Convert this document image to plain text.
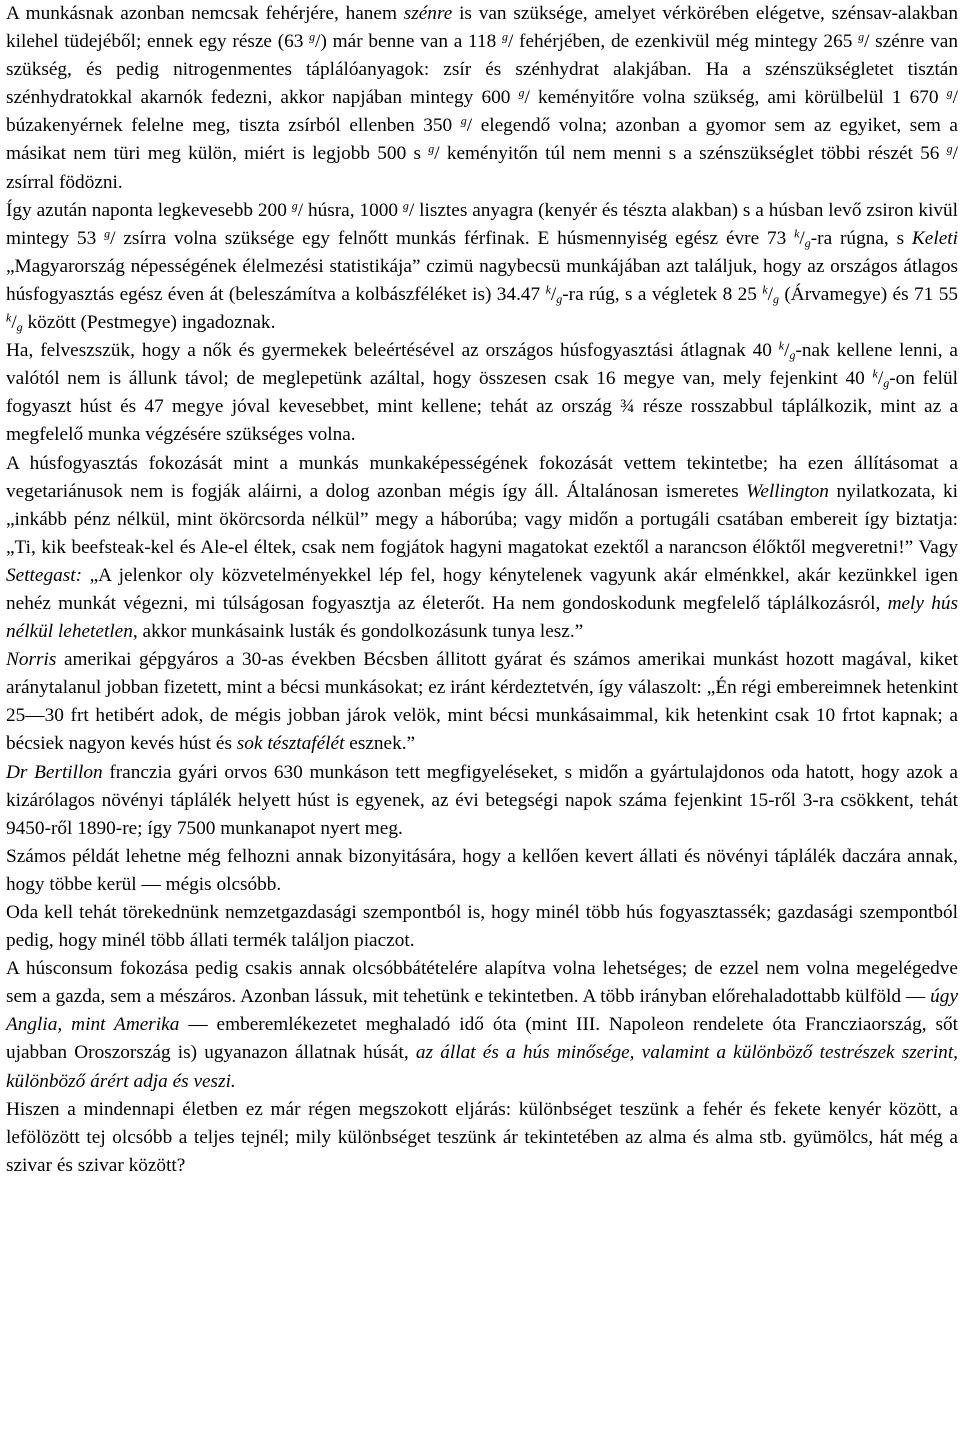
A munkásnak azonban nemcsak fehérjére, hanem szénre is van szüksége, amelyet vérkörében elégetve, szénsav-alakban kilehel tüdejéből; ennek egy része (63 $^g$/) már benne van a 118 $^g$/ fehérjében, de ezenkivül még mintegy 265 $^g$/ szénre van szükség, és pedig nitrogenmentes táplálóanyagok: zsír és szénhydrat alakjában. Ha a szénszükségletet tisztán szénhydratokkal akarnók fedezni, akkor napjában mintegy 600 $^g$/ keményitőre volna szükség, ami körülbelül 1 670 $^g$/ búzakenyérnek felelne meg, tiszta zsírból ellenben 350 $^g$/ elegendő volna; azonban a gyomor sem az egyiket, sem a másikat nem türi meg külön, miért is legjobb 500 s $^g$/ keményitőn túl nem menni s a szénszükséglet többi részét 56 $^g$/ zsírral födözni.

Így azután naponta legkevesebb 200 $^g$/ húsra, 1000 $^g$/ lisztes anyagra (kenyér és tészta alakban) s a húsban levő zsiron kivül mintegy 53 $^g$/ zsírra volna szüksége egy felnőtt munkás férfinak. E húsmennyiség egész évre 73 $^k/_g-ra$ rúgna, s Keleti „Magyarország népességének élelmezési statistikája” czimü nagybecsü munkájában azt találjuk, hogy az országos átlagos húsfogyasztás egész éven át (beleszámítva a kolbászféléket is) 34.47 $^k/_g-ra$ rúg, s a végletek 8 25 $^k/_g$ (Árvamegye) és 71 55 $^k/_g$ között (Pestmegye) ingadoznak.

Ha, felveszszük, hogy a nők és gyermekek beleértésével az országos húsfogyasztási átlagnak 40 $^k/_g$-nak kellene lenni, a valótól nem is állunk távol; de meglepetünk azáltal, hogy összesen csak 16 megye van, mely fejenkint 40 $^k/_g-on$ felül fogyaszt húst és 47 megye jóval kevesebbet, mint kellene; tehát az ország ¾ része rosszabbul táplálkozik, mint az a megfelelő munka végzésére szükséges volna.

A húsfogyasztás fokozását mint a munkás munkaképességének fokozását vettem tekintetbe; ha ezen állításomat a vegetariánusok nem is fogják aláirni, a dolog azonban mégis így áll. Általánosan ismeretes Wellington nyilatkozata, ki „inkább pénz nélkül, mint ökörcsorda nélkül” megy a háborúba; vagy midőn a portugáli csatában embereit így biztatja: „Ti, kik beefsteak-kel és Ale-el éltek, csak nem fogjátok hagyni magatokat ezektől a narancson élőktől megveretni!” Vagy Settegast: „A jelenkor oly közvetelményekkel lép fel, hogy kénytelenek vagyunk akár elménkkel, akár kezünkkel igen nehéz munkát végezni, mi túlságosan fogyasztja az életerőt. Ha nem gondoskodunk megfelelő táplálkozásról, mely hús nélkül lehetetlen, akkor munkásaink lusták és gondolkozásunk tunya lesz.”

Norris amerikai gépgyáros a 30-as években Bécsben állitott gyárat és számos amerikai munkást hozott magával, kiket aránytalanul jobban fizetett, mint a bécsi munkásokat; ez iránt kérdeztetvén, így válaszolt: „Én régi embereimnek hetenkint 25—30 frt hetibért adok, de mégis jobban járok velök, mint bécsi munkásaimmal, kik hetenkint csak 10 frtot kapnak; a bécsiek nagyon kevés húst és sok tésztafélét esznek.”

Dr Bertillon franczia gyári orvos 630 munkáson tett megfigyeléseket, s midőn a gyártulajdonos oda hatott, hogy azok a kizárólagos növényi táplálék helyett húst is egyenek, az évi betegségi napok száma fejenkint 15-ről 3-ra csökkent, tehát 9450-ről 1890-re; így 7500 munkanapot nyert meg.

Számos példát lehetne még felhozni annak bizonyitására, hogy a kellően kevert állati és növényi táplálék daczára annak, hogy többe kerül — mégis olcsóbb.

Oda kell tehát törekednünk nemzetgazdasági szempontból is, hogy minél több hús fogyasztassék; gazdasági szempontból pedig, hogy minél több állati termék találjon piaczot.

A húsconsum fokozása pedig csakis annak olcsóbbátételére alapítva volna lehetséges; de ezzel nem volna megelégedve sem a gazda, sem a mészáros. Azonban lássuk, mit tehetünk e tekintetben. A több irányban előrehaladottabb külföld — úgy Anglia, mint Amerika — emberemlékezetet meghaladó idő óta (mint III. Napoleon rendelete óta Francziaország, sőt ujabban Oroszország is) ugyanazon állatnak húsát, az állat és a hús minősége, valamint a különböző testrészek szerint, különböző árért adja és veszi.

Hiszen a mindennapi életben ez már régen megszokott eljárás: különbséget teszünk a fehér és fekete kenyér között, a lefölözött tej olcsóbb a teljes tejnél; mily különbséget teszünk ár tekintetében az alma és alma stb. gyümölcs, hát még a szivar és szivar között?
